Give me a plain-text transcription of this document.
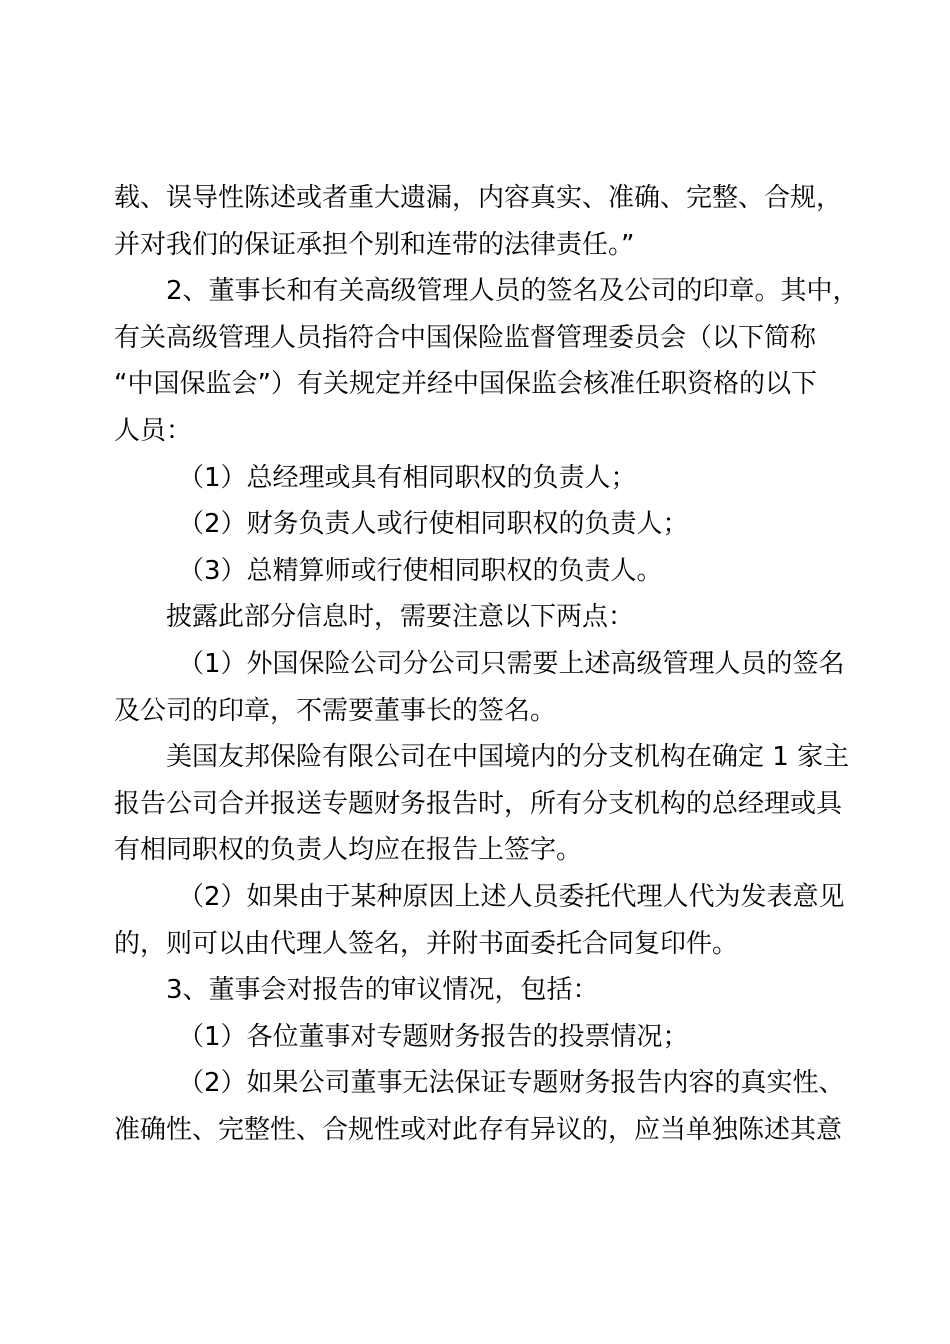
载、误导性陈述或者重大遗漏，内容真实、准确、完整、合规，

并对我们的保证承担个别和连带的法律责任。”

2、董事长和有关高级管理人员的签名及公司的印章。其中，

有关高级管理人员指符合中国保险监督管理委员会（以下简称

“中国保监会”）有关规定并经中国保监会核准任职资格的以下

人员：

（1）总经理或具有相同职权的负责人；

（2）财务负责人或行使相同职权的负责人；

（3）总精算师或行使相同职权的负责人。

披露此部分信息时，需要注意以下两点：

（1）外国保险公司分公司只需要上述高级管理人员的签名

及公司的印章，不需要董事长的签名。

美国友邦保险有限公司在中国境内的分支机构在确定 1 家主

报告公司合并报送专题财务报告时，所有分支机构的总经理或具

有相同职权的负责人均应在报告上签字。

（2）如果由于某种原因上述人员委托代理人代为发表意见

的，则可以由代理人签名，并附书面委托合同复印件。

3、董事会对报告的审议情况，包括：

（1）各位董事对专题财务报告的投票情况；

（2）如果公司董事无法保证专题财务报告内容的真实性、

准确性、完整性、合规性或对此存有异议的，应当单独陈述其意
